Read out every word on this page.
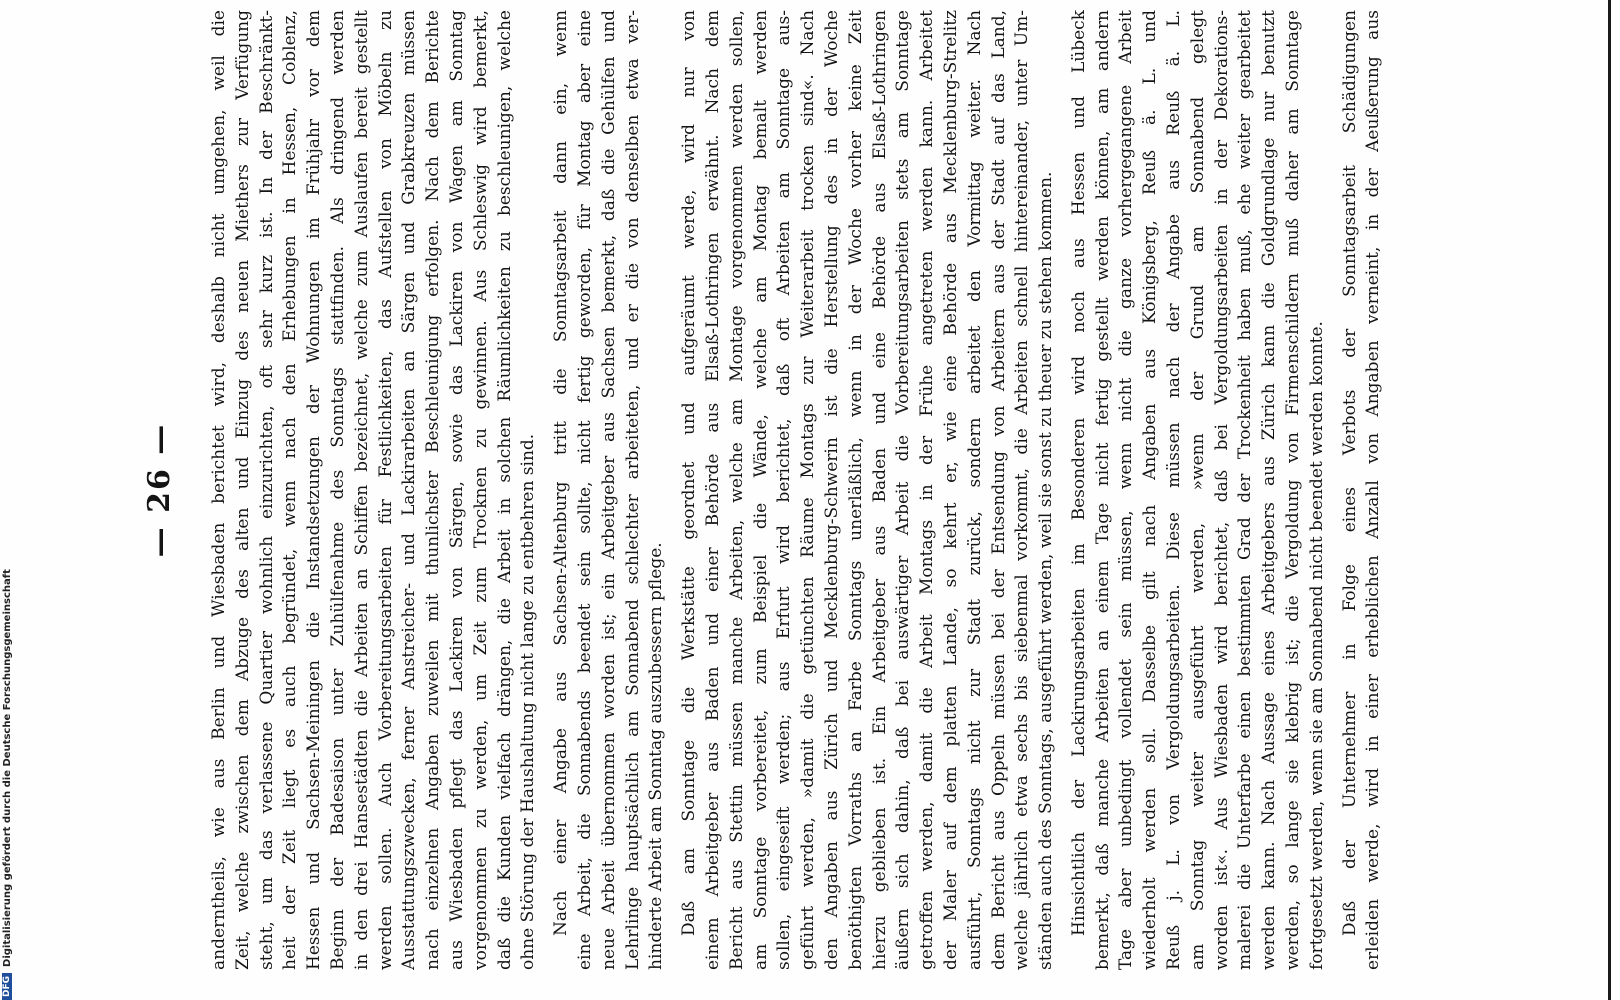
— 26 — anderntheils, wie aus Berlin und Wiesbaden berichtet wird, deshalb nicht umgehen, weil die Zeit, welche zwischen dem Abzuge des alten und Einzug des neuen Miethers zur Verfügung steht, um das verlassene Quartier wohnlich einzurichten, oft sehr kurz ist. In der Beschränkt- heit der Zeit liegt es auch begründet, wenn nach den Erhebungen in Hessen, Coblenz, Hessen und Sachsen-Meiningen die Instandsetzungen der Wohnungen im Frühjahr vor dem Beginn der Badesaison unter Zuhülfenahme des Sonntags stattfinden. Als dringend werden in den drei Hansestädten die Arbeiten an Schiffen bezeichnet, welche zum Auslaufen bereit gestellt werden sollen. Auch Vorbereitungsarbeiten für Festlichkeiten, das Aufstellen von Möbeln zu Ausstattungszwecken, ferner Anstreicher- und Lackirarbeiten an Särgen und Grabkreuzen müssen nach einzelnen Angaben zuweilen mit thunlichster Beschleunigung erfolgen. Nach dem Berichte aus Wiesbaden pflegt das Lackiren von Särgen, sowie das Lackiren von Wagen am Sonntag vorgenommen zu werden, um Zeit zum Trocknen zu gewinnen. Aus Schleswig wird bemerkt, daß die Kunden vielfach drängen, die Arbeit in solchen Räumlichkeiten zu beschleunigen, welche ohne Störung der Haushaltung nicht lange zu entbehren sind. Nach einer Angabe aus Sachsen-Altenburg tritt die Sonntagsarbeit dann ein, wenn eine Arbeit, die Sonnabends beendet sein sollte, nicht fertig geworden, für Montag aber eine neue Arbeit übernommen worden ist; ein Arbeitgeber aus Sachsen bemerkt, daß die Gehülfen und Lehrlinge hauptsächlich am Sonnabend schlechter arbeiteten, und er die von denselben etwa ver- hinderte Arbeit am Sonntag auszubessern pflege. Daß am Sonntage die Werkstätte geordnet und aufgeräumt werde, wird nur von einem Arbeitgeber aus Baden und einer Behörde aus Elsaß-Lothringen erwähnt. Nach dem Bericht aus Stettin müssen manche Arbeiten, welche am Montage vorgenommen werden sollen, am Sonntage vorbereitet, zum Beispiel die Wände, welche am Montag bemalt werden sollen, eingeseift werden; aus Erfurt wird berichtet, daß oft Arbeiten am Sonntage aus- geführt werden, »damit die getünchten Räume Montags zur Weiterarbeit trocken sind«. Nach den Angaben aus Zürich und Mecklenburg-Schwerin ist die Herstellung des in der Woche benöthigten Vorraths an Farbe Sonntags unerläßlich, wenn in der Woche vorher keine Zeit hierzu geblieben ist. Ein Arbeitgeber aus Baden und eine Behörde aus Elsaß-Lothringen äußern sich dahin, daß bei auswärtiger Arbeit die Vorbereitungsarbeiten stets am Sonntage getroffen werden, damit die Arbeit Montags in der Frühe angetreten werden kann. Arbeitet der Maler auf dem platten Lande, so kehrt er, wie eine Behörde aus Mecklenburg-Strelitz ausführt, Sonntags nicht zur Stadt zurück, sondern arbeitet den Vormittag weiter. Nach dem Bericht aus Oppeln müssen bei der Entsendung von Arbeitern aus der Stadt auf das Land, welche jährlich etwa sechs bis siebenmal vorkommt, die Arbeiten schnell hintereinander, unter Um- ständen auch des Sonntags, ausgeführt werden, weil sie sonst zu theuer zu stehen kommen. Hinsichtlich der Lackirungsarbeiten im Besonderen wird noch aus Hessen und Lübeck bemerkt, daß manche Arbeiten an einem Tage nicht fertig gestellt werden können, am andern Tage aber unbedingt vollendet sein müssen, wenn nicht die ganze vorhergegangene Arbeit wiederholt werden soll. Dasselbe gilt nach Angaben aus Königsberg, Reuß ä. L. und Reuß j. L. von Vergoldungsarbeiten. Diese müssen nach der Angabe aus Reuß ä. L. am Sonntag weiter ausgeführt werden, »wenn der Grund am Sonnabend gelegt worden ist«. Aus Wiesbaden wird berichtet, daß bei Vergoldungsarbeiten in der Dekorations- malerei die Unterfarbe einen bestimmten Grad der Trockenheit haben muß, ehe weiter gearbeitet werden kann. Nach Aussage eines Arbeitgebers aus Zürich kann die Goldgrundlage nur benutzt werden, so lange sie klebrig ist; die Vergoldung von Firmenschildern muß daher am Sonntage fortgesetzt werden, wenn sie am Sonnabend nicht beendet werden konnte. Daß der Unternehmer in Folge eines Verbots der Sonntagsarbeit Schädigungen erleiden werde, wird in einer erheblichen Anzahl von Angaben verneint, in der Aeußerung aus
DFGDigitalisierung gefördert durch die Deutsche Forschungsgemeinschaft
